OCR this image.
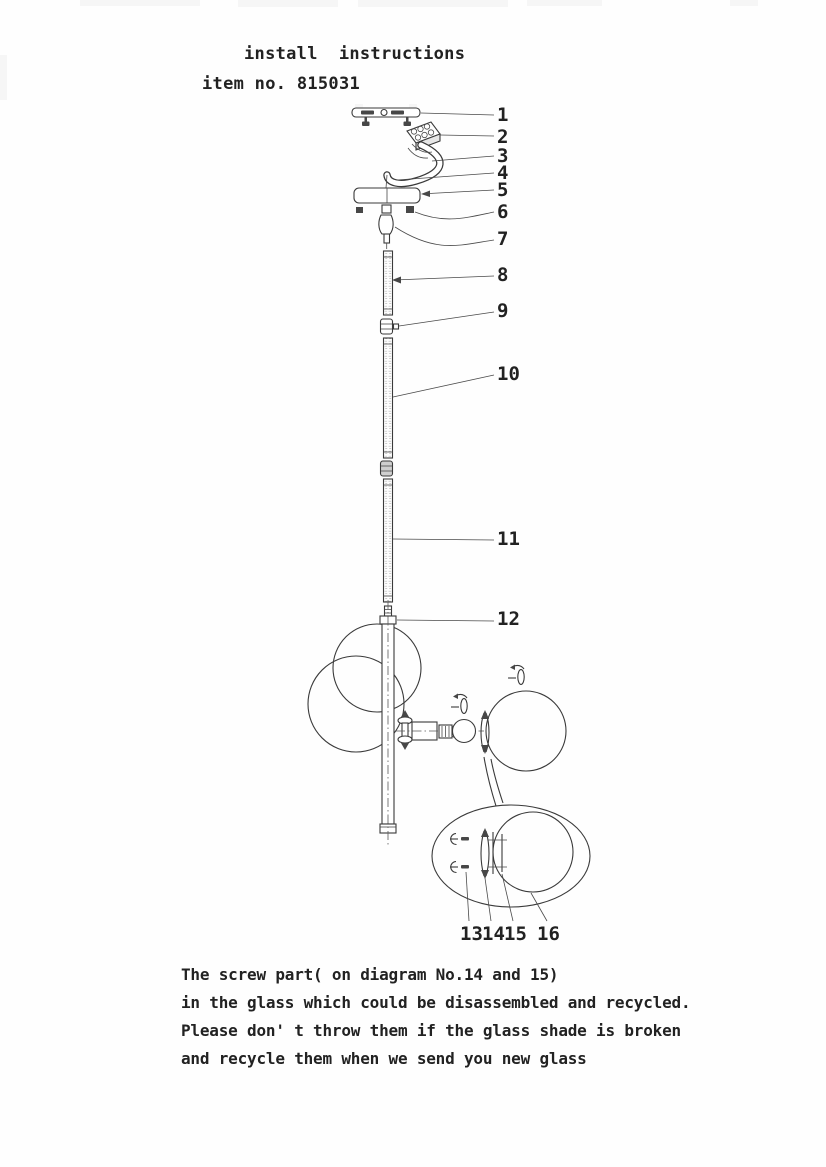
install  instructions
item no. 815031
1
2
3
4
5
6
7
8
9
10
11
12
13 14 15 16
The screw part( on diagram No.14 and 15)
in the glass which could be disassembled and recycled.
Please don' t throw them if the glass shade is broken
and recycle them when we send you new glass
